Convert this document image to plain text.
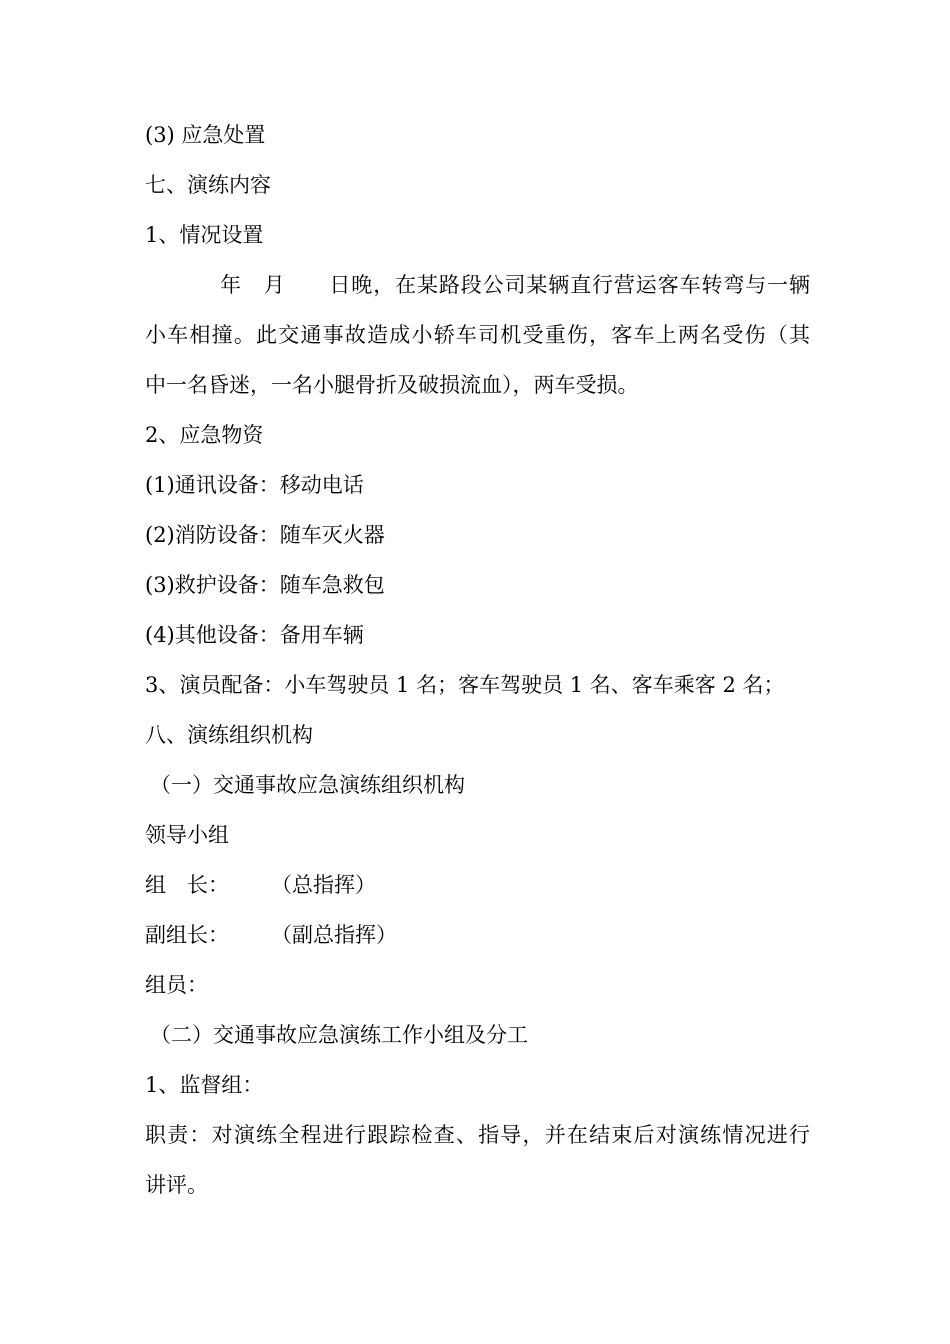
(3) 应急处置
七、演练内容
1、情况设置
年　月　　日晚，在某路段公司某辆直行营运客车转弯与一辆
小车相撞。此交通事故造成小轿车司机受重伤，客车上两名受伤（其
中一名昏迷，一名小腿骨折及破损流血），两车受损。
2、应急物资
(1)通讯设备：移动电话
(2)消防设备：随车灭火器
(3)救护设备：随车急救包
(4)其他设备：备用车辆
3、演员配备：小车驾驶员 1 名；客车驾驶员 1 名、客车乘客 2 名；
八、演练组织机构
（一）交通事故应急演练组织机构
领导小组
组　长：　　　（总指挥）
副组长：　　　（副总指挥）
组员：
（二）交通事故应急演练工作小组及分工
1、监督组：
职责：对演练全程进行跟踪检查、指导，并在结束后对演练情况进行
讲评。
